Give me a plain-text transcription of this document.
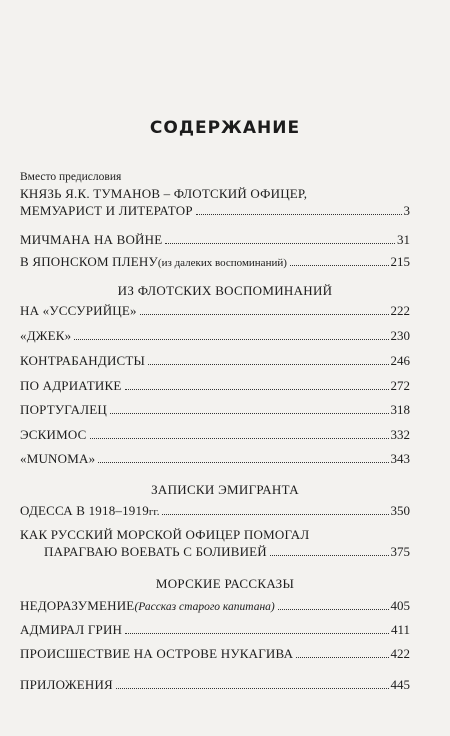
СОДЕРЖАНИЕ
Вместо предисловия
КНЯЗЬ Я.К. ТУМАНОВ – ФЛОТСКИЙ ОФИЦЕР,
МЕМУАРИСТ И ЛИТЕРАТОР	3
МИЧМАНА НА ВОЙНЕ	31
В ЯПОНСКОМ ПЛЕНУ (из далеких воспоминаний)	215
ИЗ ФЛОТСКИХ ВОСПОМИНАНИЙ
НА «УССУРИЙЦЕ»	222
«ДЖЕК»	230
КОНТРАБАНДИСТЫ	246
ПО АДРИАТИКЕ	272
ПОРТУГАЛЕЦ	318
ЭСКИМОС	332
«MUNOMA»	343
ЗАПИСКИ ЭМИГРАНТА
ОДЕССА В 1918–1919 гг.	350
КАК РУССКИЙ МОРСКОЙ ОФИЦЕР ПОМОГАЛ
ПАРАГВАЮ ВОЕВАТЬ С БОЛИВИЕЙ	375
МОРСКИЕ РАССКАЗЫ
НЕДОРАЗУМЕНИЕ (Рассказ старого капитана)	405
АДМИРАЛ ГРИН	411
ПРОИСШЕСТВИЕ НА ОСТРОВЕ НУКАГИВА	422
ПРИЛОЖЕНИЯ	445
